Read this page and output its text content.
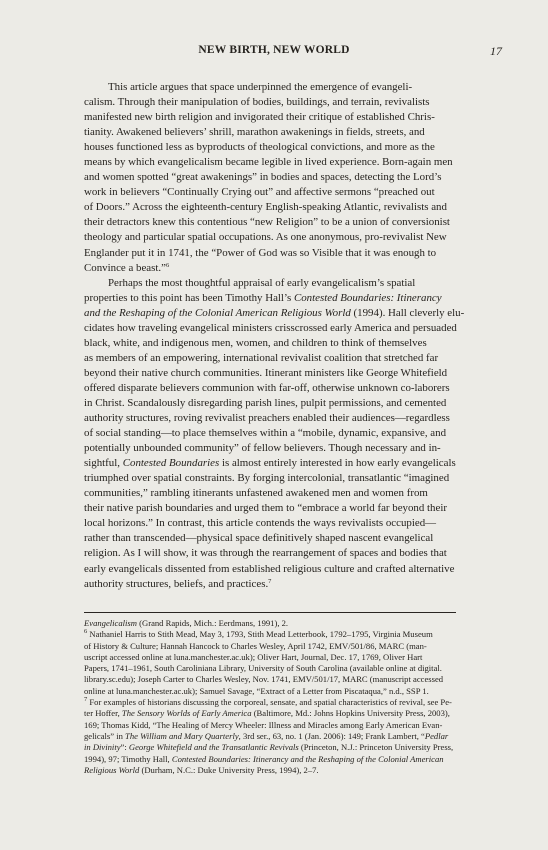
NEW BIRTH, NEW WORLD	17

This article argues that space underpinned the emergence of evangeli-
calism. Through their manipulation of bodies, buildings, and terrain, revivalists
manifested new birth religion and invigorated their critique of established Chris-
tianity. Awakened believers’ shrill, marathon awakenings in fields, streets, and
houses functioned less as byproducts of theological convictions, and more as the
means by which evangelicalism became legible in lived experience. Born-again men
and women spotted “great awakenings” in bodies and spaces, detecting the Lord’s
work in believers “Continually Crying out” and affective sermons “preached out
of Doors.” Across the eighteenth-century English-speaking Atlantic, revivalists and
their detractors knew this contentious “new Religion” to be a union of conversionist
theology and particular spatial occupations. As one anonymous, pro-revivalist New
Englander put it in 1741, the “Power of God was so Visible that it was enough to
Convince a beast.”$^6$

Perhaps the most thoughtful appraisal of early evangelicalism’s spatial
properties to this point has been Timothy Hall’s Contested Boundaries: Itinerancy
and the Reshaping of the Colonial American Religious World (1994). Hall cleverly elu-
cidates how traveling evangelical ministers crisscrossed early America and persuaded
black, white, and indigenous men, women, and children to think of themselves
as members of an empowering, international revivalist coalition that stretched far
beyond their native church communities. Itinerant ministers like George Whitefield
offered disparate believers communion with far-off, otherwise unknown co-laborers
in Christ. Scandalously disregarding parish lines, pulpit permissions, and cemented
authority structures, roving revivalist preachers enabled their audiences—regardless
of social standing—to place themselves within a “mobile, dynamic, expansive, and
potentially unbounded community” of fellow believers. Though necessary and in-
sightful, Contested Boundaries is almost entirely interested in how early evangelicals
triumphed over spatial constraints. By forging intercolonial, transatlantic “imagined
communities,” rambling itinerants unfastened awakened men and women from
their native parish boundaries and urged them to “embrace a world far beyond their
local horizons.” In contrast, this article contends the ways revivalists occupied—
rather than transcended—physical space definitively shaped nascent evangelical
religion. As I will show, it was through the rearrangement of spaces and bodies that
early evangelicals dissented from established religious culture and crafted alternative
authority structures, beliefs, and practices.$^7$

Evangelicalism (Grand Rapids, Mich.: Eerdmans, 1991), 2.
$^6$ Nathaniel Harris to Stith Mead, May 3, 1793, Stith Mead Letterbook, 1792–1795, Virginia Museum
of History & Culture; Hannah Hancock to Charles Wesley, April 1742, EMV/501/86, MARC (man-
uscript accessed online at luna.manchester.ac.uk); Oliver Hart, Journal, Dec. 17, 1769, Oliver Hart
Papers, 1741–1961, South Caroliniana Library, University of South Carolina (available online at digital.
library.sc.edu); Joseph Carter to Charles Wesley, Nov. 1741, EMV/501/17, MARC (manuscript accessed
online at luna.manchester.ac.uk); Samuel Savage, “Extract of a Letter from Piscataqua,” n.d., SSP 1.
$^7$ For examples of historians discussing the corporeal, sensate, and spatial characteristics of revival, see Pe-
ter Hoffer, The Sensory Worlds of Early America (Baltimore, Md.: Johns Hopkins University Press, 2003),
169; Thomas Kidd, “The Healing of Mercy Wheeler: Illness and Miracles among Early American Evan-
gelicals” in The William and Mary Quarterly, 3rd ser., 63, no. 1 (Jan. 2006): 149; Frank Lambert, “Pedlar
in Divinity”: George Whitefield and the Transatlantic Revivals (Princeton, N.J.: Princeton University Press,
1994), 97; Timothy Hall, Contested Boundaries: Itinerancy and the Reshaping of the Colonial American
Religious World (Durham, N.C.: Duke University Press, 1994), 2–7.
